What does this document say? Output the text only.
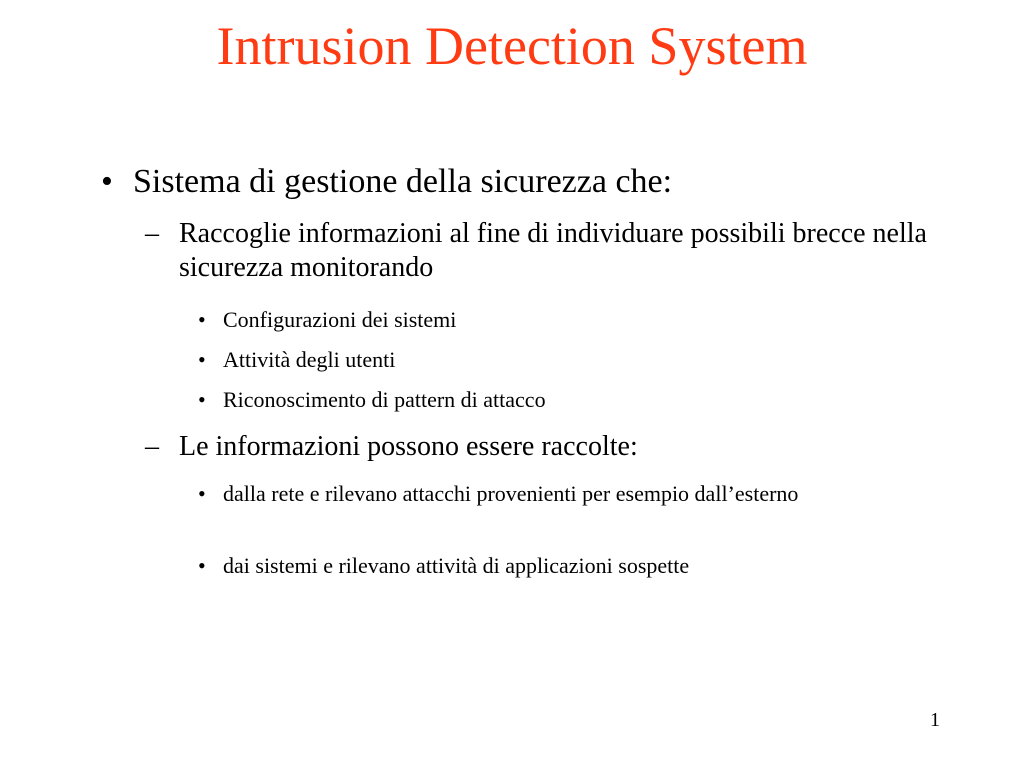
Intrusion Detection System
• Sistema di gestione della sicurezza che:
– Raccoglie informazioni al fine di individuare possibili brecce nella sicurezza monitorando
• Configurazioni dei sistemi
• Attività degli utenti
• Riconoscimento di pattern di attacco
– Le informazioni possono essere raccolte:
• dalla rete e rilevano attacchi provenienti per esempio dall’esterno
• dai sistemi e rilevano attività di applicazioni sospette
1
